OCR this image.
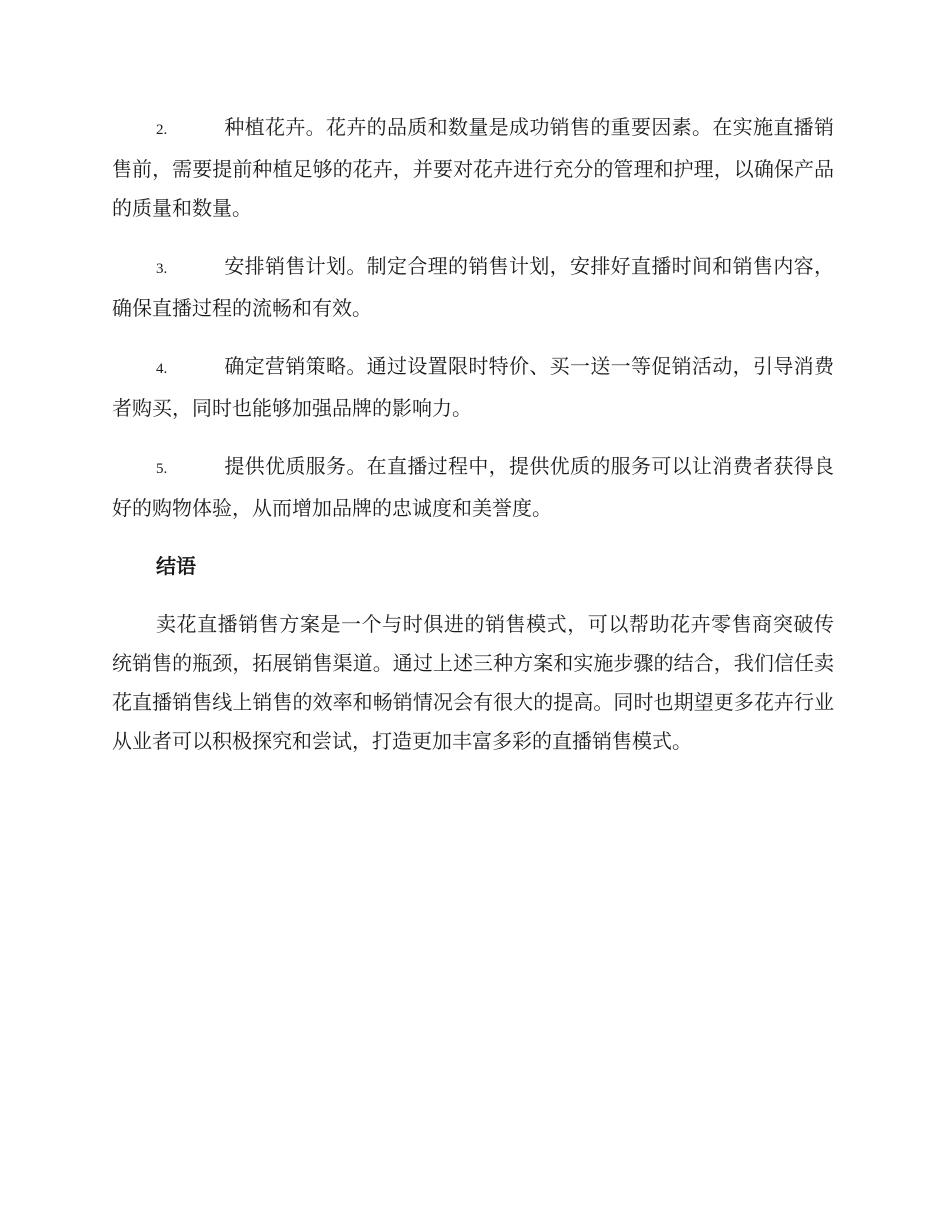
2.	种植花卉。花卉的品质和数量是成功销售的重要因素。在实施直播销售前，需要提前种植足够的花卉，并要对花卉进行充分的管理和护理，以确保产品的质量和数量。

3.	安排销售计划。制定合理的销售计划，安排好直播时间和销售内容，确保直播过程的流畅和有效。

4.	确定营销策略。通过设置限时特价、买一送一等促销活动，引导消费者购买，同时也能够加强品牌的影响力。

5.	提供优质服务。在直播过程中，提供优质的服务可以让消费者获得良好的购物体验，从而增加品牌的忠诚度和美誉度。

结语

卖花直播销售方案是一个与时俱进的销售模式，可以帮助花卉零售商突破传统销售的瓶颈，拓展销售渠道。通过上述三种方案和实施步骤的结合，我们信任卖花直播销售线上销售的效率和畅销情况会有很大的提高。同时也期望更多花卉行业从业者可以积极探究和尝试，打造更加丰富多彩的直播销售模式。
